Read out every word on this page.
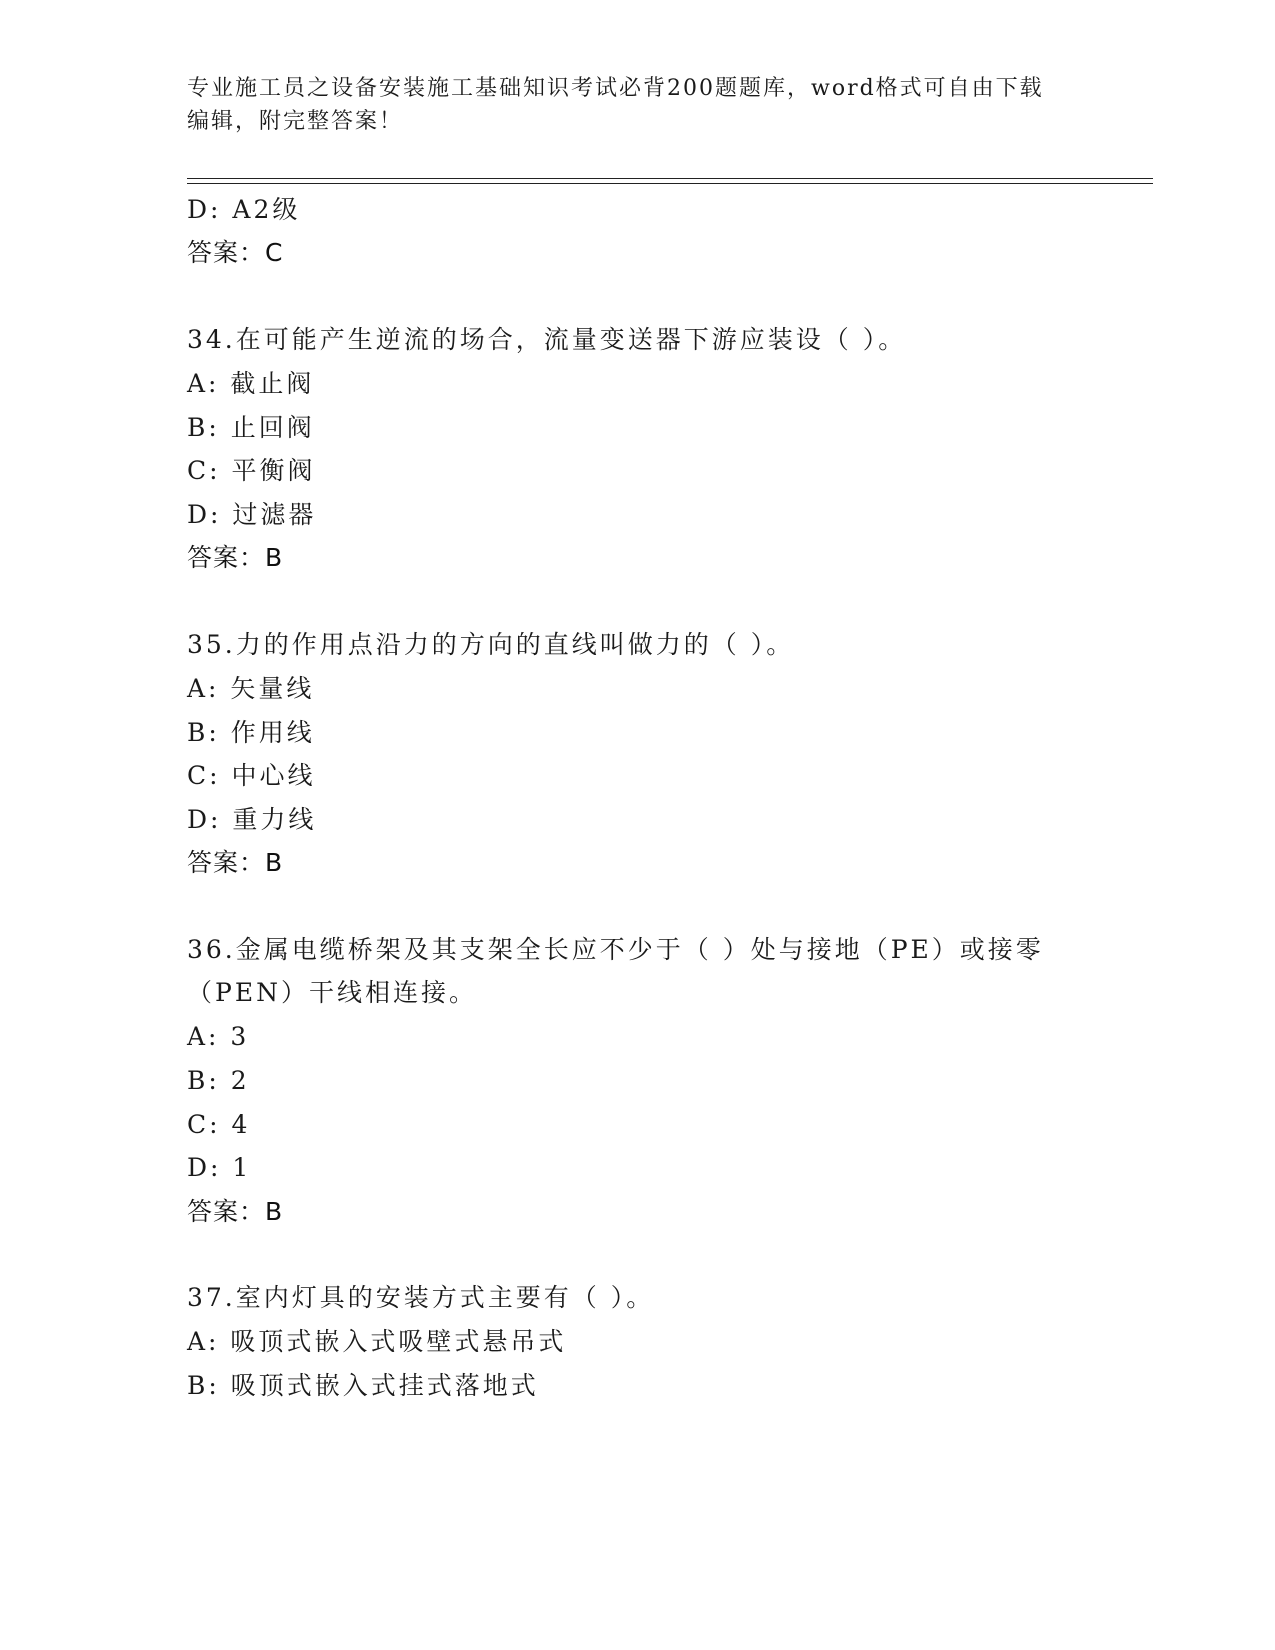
专业施工员之设备安装施工基础知识考试必背200题题库，word格式可自由下载
编辑，附完整答案！
D: A2级
答案：C
34.在可能产生逆流的场合，流量变送器下游应装设（ ）。
A: 截止阀
B: 止回阀
C: 平衡阀
D: 过滤器
答案：B
35.力的作用点沿力的方向的直线叫做力的（ ）。
A: 矢量线
B: 作用线
C: 中心线
D: 重力线
答案：B
36.金属电缆桥架及其支架全长应不少于（ ）处与接地（PE）或接零
（PEN）干线相连接。
A: 3
B: 2
C: 4
D: 1
答案：B
37.室内灯具的安装方式主要有（ ）。
A: 吸顶式嵌入式吸壁式悬吊式
B: 吸顶式嵌入式挂式落地式
